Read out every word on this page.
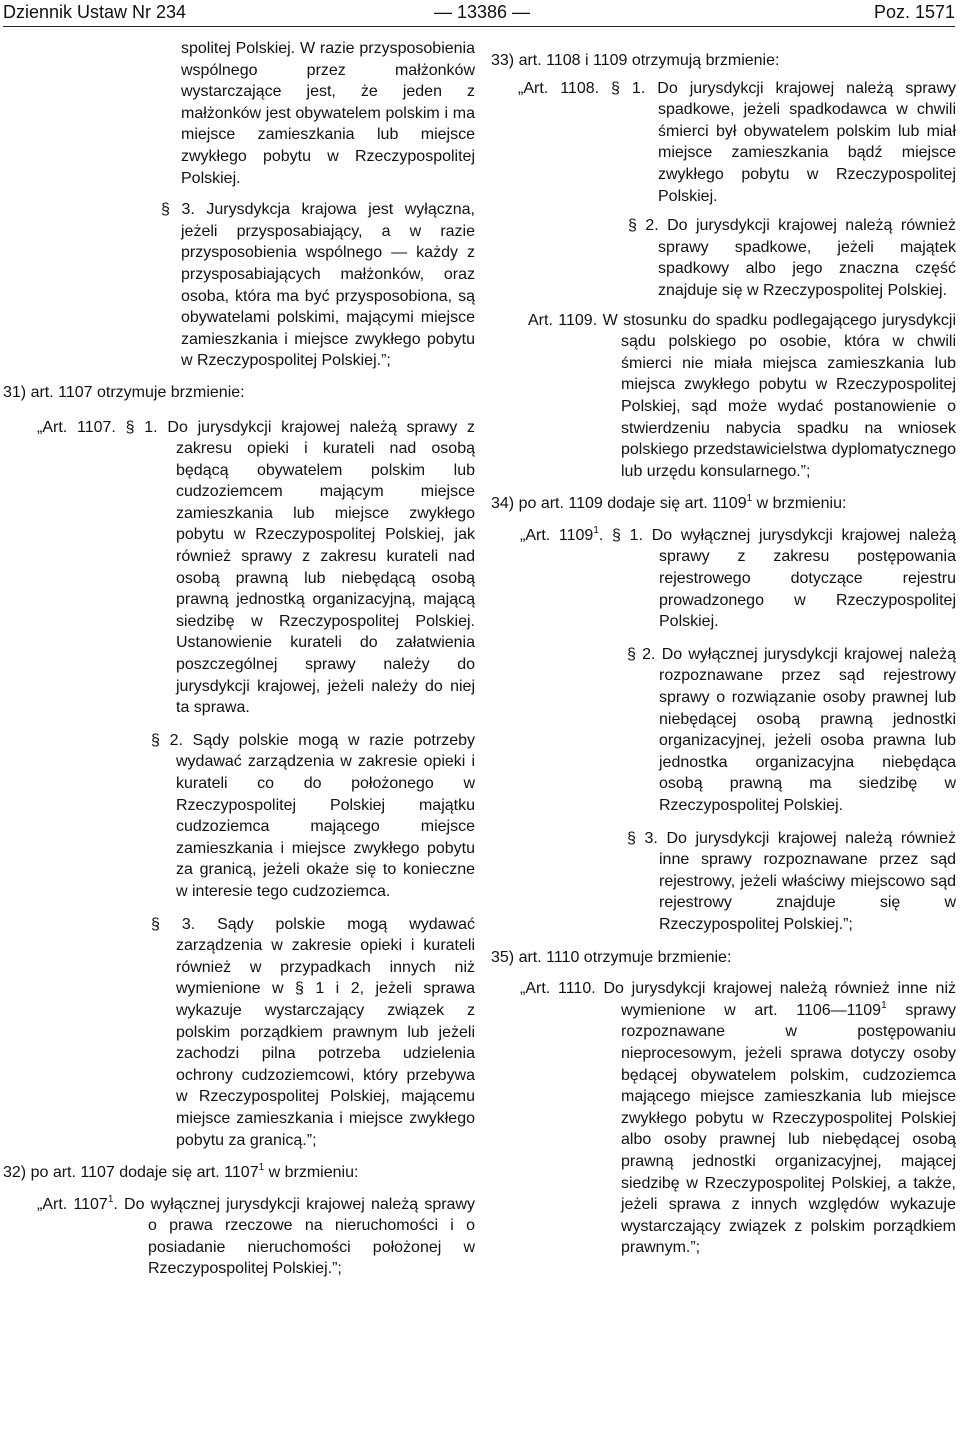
Dziennik Ustaw Nr 234	— 13386 —	Poz. 1571

spolitej Polskiej. W razie przysposobienia wspólnego przez małżonków wystarczające jest, że jeden z małżonków jest obywatelem polskim i ma miejsce zamieszkania lub miejsce zwykłego pobytu w Rzeczypospolitej Polskiej.

§ 3. Jurysdykcja krajowa jest wyłączna, jeżeli przysposabiający, a w razie przysposobienia wspólnego — każdy z przysposabiających małżonków, oraz osoba, która ma być przysposobiona, są obywatelami polskimi, mającymi miejsce zamieszkania i miejsce zwykłego pobytu w Rzeczypospolitej Polskiej.”;

31) art. 1107 otrzymuje brzmienie:

„Art. 1107. § 1. Do jurysdykcji krajowej należą sprawy z zakresu opieki i kurateli nad osobą będącą obywatelem polskim lub cudzoziemcem mającym miejsce zamieszkania lub miejsce zwykłego pobytu w Rzeczypospolitej Polskiej, jak również sprawy z zakresu kurateli nad osobą prawną lub niebędącą osobą prawną jednostką organizacyjną, mającą siedzibę w Rzeczypospolitej Polskiej. Ustanowienie kurateli do załatwienia poszczególnej sprawy należy do jurysdykcji krajowej, jeżeli należy do niej ta sprawa.

§ 2. Sądy polskie mogą w razie potrzeby wydawać zarządzenia w zakresie opieki i kurateli co do położonego w Rzeczypospolitej Polskiej majątku cudzoziemca mającego miejsce zamieszkania i miejsce zwykłego pobytu za granicą, jeżeli okaże się to konieczne w interesie tego cudzoziemca.

§ 3. Sądy polskie mogą wydawać zarządzenia w zakresie opieki i kurateli również w przypadkach innych niż wymienione w § 1 i 2, jeżeli sprawa wykazuje wystarczający związek z polskim porządkiem prawnym lub jeżeli zachodzi pilna potrzeba udzielenia ochrony cudzoziemcowi, który przebywa w Rzeczypospolitej Polskiej, mającemu miejsce zamieszkania i miejsce zwykłego pobytu za granicą.”;

32) po art. 1107 dodaje się art. 1107$^1$ w brzmieniu:

„Art. 1107$^1$. Do wyłącznej jurysdykcji krajowej należą sprawy o prawa rzeczowe na nieruchomości i o posiadanie nieruchomości położonej w Rzeczypospolitej Polskiej.”;

33) art. 1108 i 1109 otrzymują brzmienie:

„Art. 1108. § 1. Do jurysdykcji krajowej należą sprawy spadkowe, jeżeli spadkodawca w chwili śmierci był obywatelem polskim lub miał miejsce zamieszkania bądź miejsce zwykłego pobytu w Rzeczypospolitej Polskiej.

§ 2. Do jurysdykcji krajowej należą również sprawy spadkowe, jeżeli majątek spadkowy albo jego znaczna część znajduje się w Rzeczypospolitej Polskiej.

Art. 1109. W stosunku do spadku podlegającego jurysdykcji sądu polskiego po osobie, która w chwili śmierci nie miała miejsca zamieszkania lub miejsca zwykłego pobytu w Rzeczypospolitej Polskiej, sąd może wydać postanowienie o stwierdzeniu nabycia spadku na wniosek polskiego przedstawicielstwa dyplomatycznego lub urzędu konsularnego.”;

34) po art. 1109 dodaje się art. 1109$^1$ w brzmieniu:

„Art. 1109$^1$. § 1. Do wyłącznej jurysdykcji krajowej należą sprawy z zakresu postępowania rejestrowego dotyczące rejestru prowadzonego w Rzeczypospolitej Polskiej.

§ 2. Do wyłącznej jurysdykcji krajowej należą rozpoznawane przez sąd rejestrowy sprawy o rozwiązanie osoby prawnej lub niebędącej osobą prawną jednostki organizacyjnej, jeżeli osoba prawna lub jednostka organizacyjna niebędąca osobą prawną ma siedzibę w Rzeczypospolitej Polskiej.

§ 3. Do jurysdykcji krajowej należą również inne sprawy rozpoznawane przez sąd rejestrowy, jeżeli właściwy miejscowo sąd rejestrowy znajduje się w Rzeczypospolitej Polskiej.”;

35) art. 1110 otrzymuje brzmienie:

„Art. 1110. Do jurysdykcji krajowej należą również inne niż wymienione w art. 1106—1109$^1$ sprawy rozpoznawane w postępowaniu nieprocesowym, jeżeli sprawa dotyczy osoby będącej obywatelem polskim, cudzoziemca mającego miejsce zamieszkania lub miejsce zwykłego pobytu w Rzeczypospolitej Polskiej albo osoby prawnej lub niebędącej osobą prawną jednostki organizacyjnej, mającej siedzibę w Rzeczypospolitej Polskiej, a także, jeżeli sprawa z innych względów wykazuje wystarczający związek z polskim porządkiem prawnym.”;
